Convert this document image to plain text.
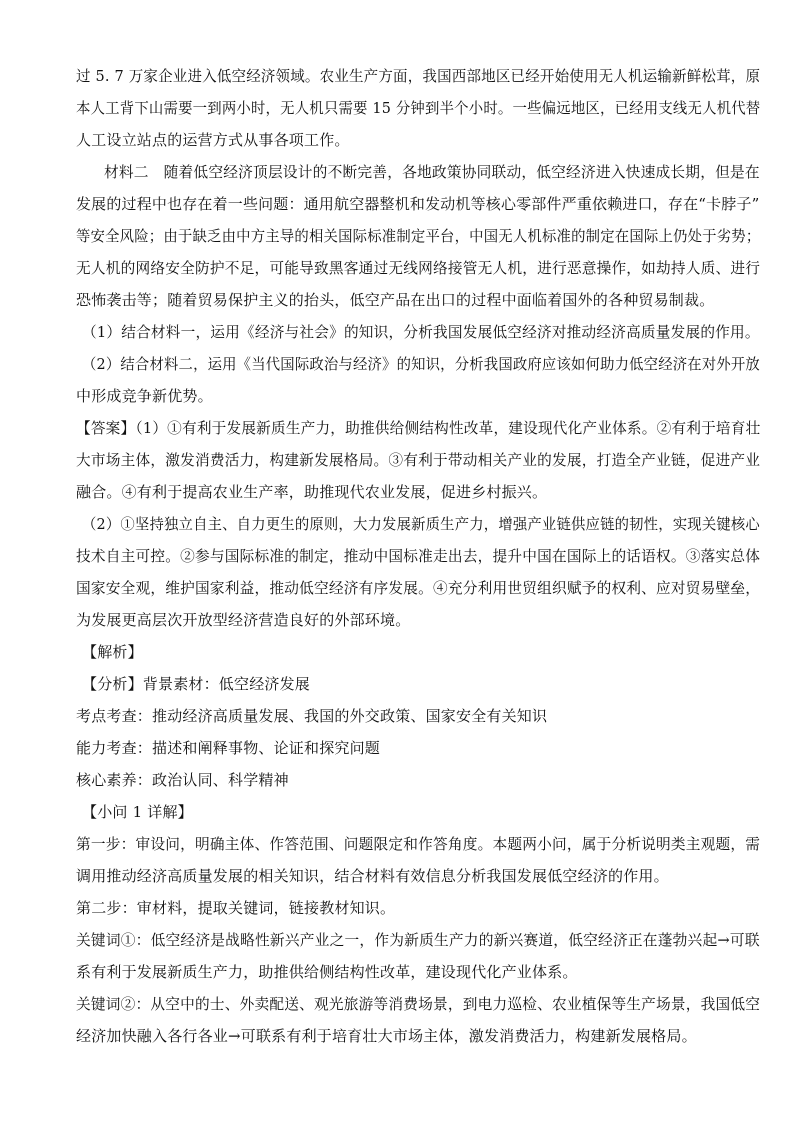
过 5. 7 万家企业进入低空经济领域。农业生产方面，我国西部地区已经开始使用无人机运输新鲜松茸，原
本人工背下山需要一到两小时，无人机只需要 15 分钟到半个小时。一些偏远地区，已经用支线无人机代替
人工设立站点的运营方式从事各项工作。
材料二　随着低空经济顶层设计的不断完善，各地政策协同联动，低空经济进入快速成长期，但是在
发展的过程中也存在着一些问题：通用航空器整机和发动机等核心零部件严重依赖进口，存在“卡脖子”
等安全风险；由于缺乏由中方主导的相关国际标准制定平台，中国无人机标准的制定在国际上仍处于劣势；
无人机的网络安全防护不足，可能导致黑客通过无线网络接管无人机，进行恶意操作，如劫持人质、进行
恐怖袭击等；随着贸易保护主义的抬头，低空产品在出口的过程中面临着国外的各种贸易制裁。
（1）结合材料一，运用《经济与社会》的知识，分析我国发展低空经济对推动经济高质量发展的作用。
（2）结合材料二，运用《当代国际政治与经济》的知识，分析我国政府应该如何助力低空经济在对外开放
中形成竞争新优势。
【答案】（1）①有利于发展新质生产力，助推供给侧结构性改革，建设现代化产业体系。②有利于培育壮
大市场主体，激发消费活力，构建新发展格局。③有利于带动相关产业的发展，打造全产业链，促进产业
融合。④有利于提高农业生产率，助推现代农业发展，促进乡村振兴。
（2）①坚持独立自主、自力更生的原则，大力发展新质生产力，增强产业链供应链的韧性，实现关键核心
技术自主可控。②参与国际标准的制定，推动中国标准走出去，提升中国在国际上的话语权。③落实总体
国家安全观，维护国家利益，推动低空经济有序发展。④充分利用世贸组织赋予的权利、应对贸易壁垒，
为发展更高层次开放型经济营造良好的外部环境。
【解析】
【分析】背景素材：低空经济发展
考点考查：推动经济高质量发展、我国的外交政策、国家安全有关知识
能力考查：描述和阐释事物、论证和探究问题
核心素养：政治认同、科学精神
【小问 1 详解】
第一步：审设问，明确主体、作答范围、问题限定和作答角度。本题两小问，属于分析说明类主观题，需
调用推动经济高质量发展的相关知识，结合材料有效信息分析我国发展低空经济的作用。
第二步：审材料，提取关键词，链接教材知识。
关键词①：低空经济是战略性新兴产业之一，作为新质生产力的新兴赛道，低空经济正在蓬勃兴起→可联
系有利于发展新质生产力，助推供给侧结构性改革，建设现代化产业体系。
关键词②：从空中的士、外卖配送、观光旅游等消费场景，到电力巡检、农业植保等生产场景，我国低空
经济加快融入各行各业→可联系有利于培育壮大市场主体，激发消费活力，构建新发展格局。
